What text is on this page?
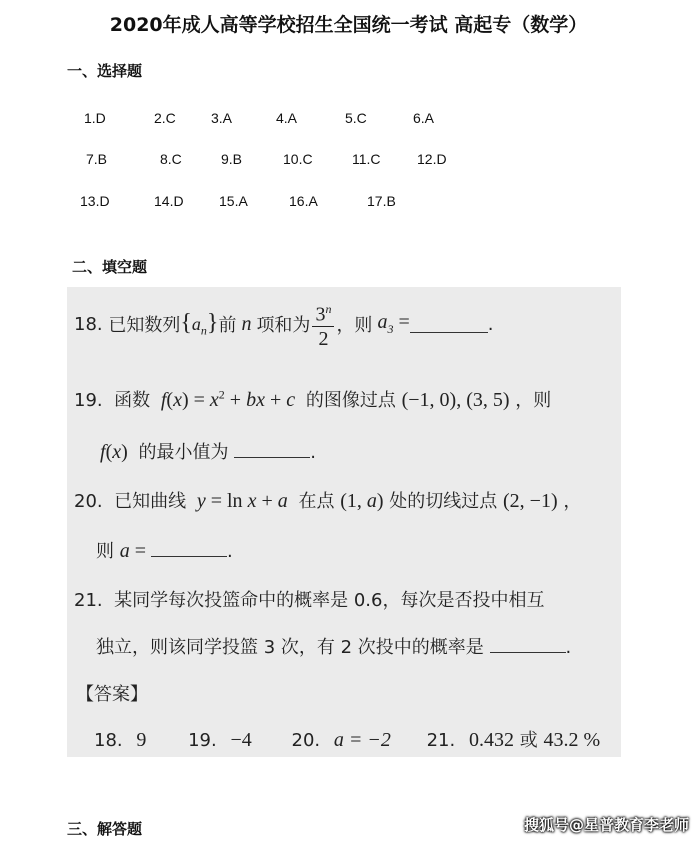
2020年成人高等学校招生全国统一考试 高起专（数学）
一、选择题
1.D	2.C	3.A	4.A	5.C	6.A
7.B	8.C	9.B	10.C	11.C	12.D
13.D	14.D	15.A	16.A	17.B
二、填空题
18.
已知数列 $\{a_n\}$ 前 n 项和为 $\frac{3^n}{2}$ ，则 $a_3$ =	.
19. 函数  $f(x) = x^2$ + bx + c 的图像过点 (−1, 0), (3, 5) ，则
f(x)  的最小值为	.
20. 已知曲线  y = ln x + a 在点 (1, a) 处的切线过点 (2, −1) ，
则 a =	.
21. 某同学每次投篮命中的概率是 0.6，每次是否投中相互
独立，则该同学投篮 3 次，有 2 次投中的概率是	.
【答案】
18. 9 19. −4 20. a = −2 21. 0.432 或 43.2 %
三、解答题	搜狐号@星普教育李老师
